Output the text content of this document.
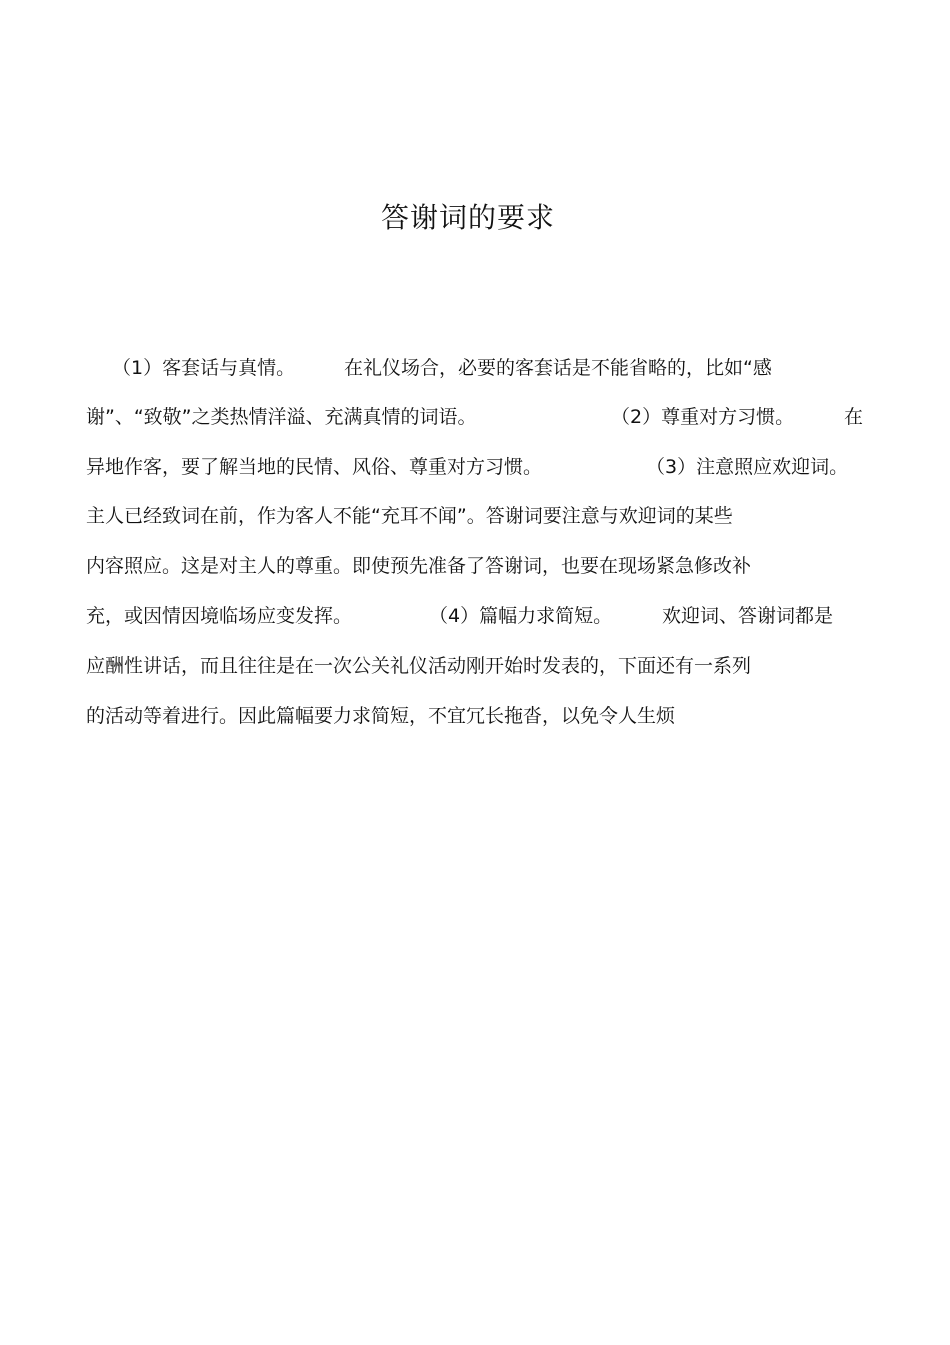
答谢词的要求

（1）客套话与真情。

	在礼仪场合，必要的客套话是不能省略的，比如“感

谢”、“致敬”之类热情洋溢、充满真情的词语。

	（2）尊重对方习惯。

	在

异地作客，要了解当地的民情、风俗、尊重对方习惯。

	（3）注意照应欢迎词。

主人已经致词在前，作为客人不能“充耳不闻”。答谢词要注意与欢迎词的某些

内容照应。这是对主人的尊重。即使预先准备了答谢词，也要在现场紧急修改补

充，或因情因境临场应变发挥。

	（4）篇幅力求简短。

	欢迎词、答谢词都是

应酬性讲话，而且往往是在一次公关礼仪活动刚开始时发表的，下面还有一系列

的活动等着进行。因此篇幅要力求简短，不宜冗长拖沓，以免令人生烦
